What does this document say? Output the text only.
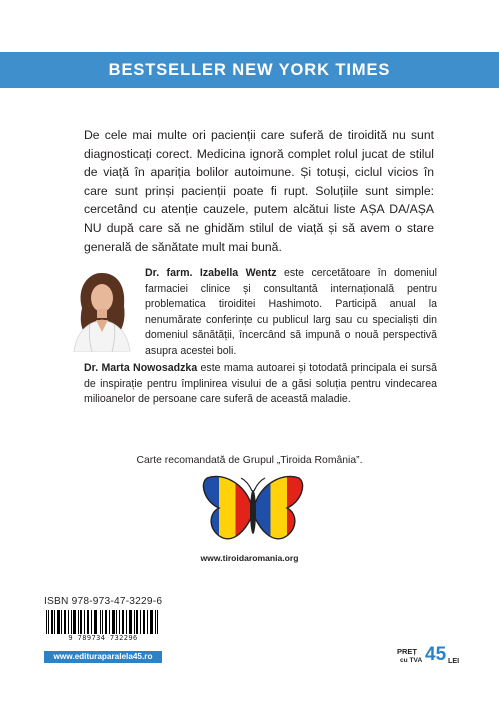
BESTSELLER NEW YORK TIMES

De cele mai multe ori pacienții care suferă de tiroidită nu sunt diagnosticați corect. Medicina ignoră complet rolul jucat de stilul de viață în apariția bolilor autoimune. Și totuși, ciclul vicios în care sunt prinși pacienții poate fi rupt. Soluțiile sunt simple: cercetând cu atenție cauzele, putem alcătui liste AȘA DA/AȘA NU după care să ne ghidăm stilul de viață și să avem o stare generală de sănătate mult mai bună.

Dr. farm. Izabella Wentz este cercetătoare în domeniul farmaciei clinice și consultantă internațională pentru problematica tiroiditei Hashimoto. Participă anual la nenumărate conferințe cu publicul larg sau cu specialiști din domeniul sănătății, încercând să impună o nouă perspectivă asupra acestei boli.

Dr. Marta Nowosadzka este mama autoarei și totodată principala ei sursă de inspirație pentru împlinirea visului de a găsi soluția pentru vindecarea milioanelor de persoane care suferă de această maladie.

Carte recomandată de Grupul „Tiroida România”.
www.tiroidaromania.org
ISBN 978-973-47-3229-6
9 789734 732296
www.edituraparalela45.ro
PREȚ
cu TVA 45 LEI
